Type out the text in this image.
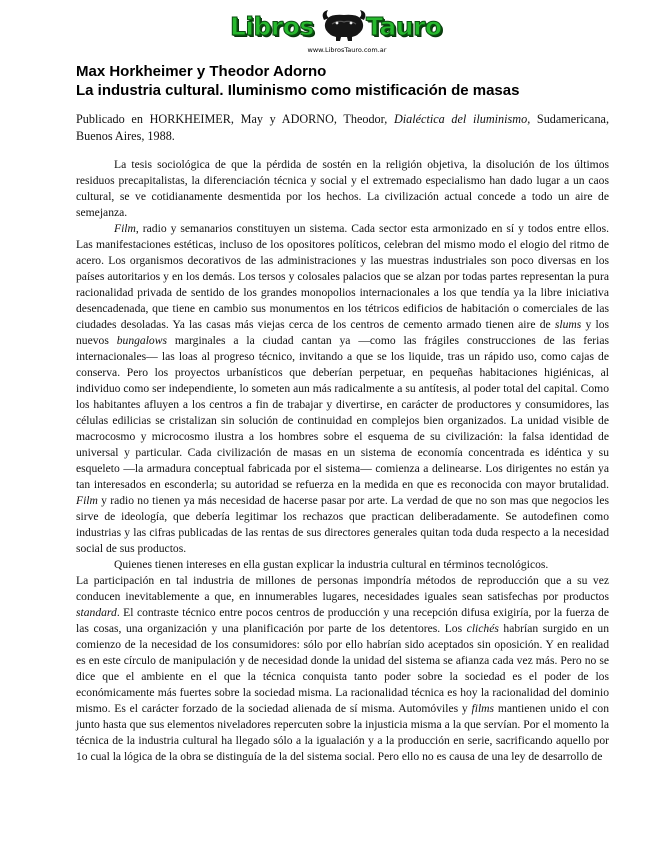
Libros Tauro
www.LibrosTauro.com.ar
Max Horkheimer y Theodor Adorno
La industria cultural. Iluminismo como mistificación de masas
Publicado en HORKHEIMER, May y ADORNO, Theodor, Dialéctica del iluminismo, Sudamericana, Buenos Aires, 1988.

La tesis sociológica de que la pérdida de sostén en la religión objetiva, la disolución de los últimos residuos precapitalistas, la diferenciación técnica y social y el extremado especialismo han dado lugar a un caos cultural, se ve cotidianamente desmentida por los hechos. La civilización actual concede a todo un aire de semejanza.

Film, radio y semanarios constituyen un sistema. Cada sector esta armonizado en sí y todos entre ellos. Las manifestaciones estéticas, incluso de los opositores políticos, celebran del mismo modo el elogio del ritmo de acero. Los organismos decorativos de las administraciones y las muestras industriales son poco diversas en los países autoritarios y en los demás. Los tersos y colosales palacios que se alzan por todas partes representan la pura racionalidad privada de sentido de los grandes monopolios internacionales a los que tendía ya la libre iniciativa desencadenada, que tiene en cambio sus monumentos en los tétricos edificios de habitación o comerciales de las ciudades desoladas. Ya las casas más viejas cerca de los centros de cemento armado tienen aire de slums y los nuevos bungalows marginales a la ciudad cantan ya —como las frágiles construcciones de las ferias internacionales— las loas al progreso técnico, invitando a que se los liquide, tras un rápido uso, como cajas de conserva. Pero los proyectos urbanísticos que deberían perpetuar, en pequeñas habitaciones higiénicas, al individuo como ser independiente, lo someten aun más radicalmente a su antítesis, al poder total del capital. Como los habitantes afluyen a los centros a fin de trabajar y divertirse, en carácter de productores y consumidores, las células edilicias se cristalizan sin solución de continuidad en complejos bien organizados. La unidad visible de macrocosmo y microcosmo ilustra a los hombres sobre el esquema de su civilización: la falsa identidad de universal y particular. Cada civilización de masas en un sistema de economía concentrada es idéntica y su esqueleto —la armadura conceptual fabricada por el sistema— comienza a delinearse. Los dirigentes no están ya tan interesados en esconderla; su autoridad se refuerza en la medida en que es reconocida con mayor brutalidad. Film y radio no tienen ya más necesidad de hacerse pasar por arte. La verdad de que no son mas que negocios les sirve de ideología, que debería legitimar los rechazos que practican deliberadamente. Se autodefinen como industrias y las cifras publicadas de las rentas de sus directores generales quitan toda duda respecto a la necesidad social de sus productos.

Quienes tienen intereses en ella gustan explicar la industria cultural en términos tecnológicos.

La participación en tal industria de millones de personas impondría métodos de reproducción que a su vez conducen inevitablemente a que, en innumerables lugares, necesidades iguales sean satisfechas por productos standard. El contraste técnico entre pocos centros de producción y una recepción difusa exigiría, por la fuerza de las cosas, una organización y una planificación por parte de los detentores. Los clichés habrían surgido en un comienzo de la necesidad de los consumidores: sólo por ello habrían sido aceptados sin oposición. Y en realidad es en este círculo de manipulación y de necesidad donde la unidad del sistema se afianza cada vez más. Pero no se dice que el ambiente en el que la técnica conquista tanto poder sobre la sociedad es el poder de los económicamente más fuertes sobre la sociedad misma. La racionalidad técnica es hoy la racionalidad del dominio mismo. Es el carácter forzado de la sociedad alienada de sí misma. Automóviles y films mantienen unido el con junto hasta que sus elementos niveladores repercuten sobre la injusticia misma a la que servían. Por el momento la técnica de la industria cultural ha llegado sólo a la igualación y a la producción en serie, sacrificando aquello por 1o cual la lógica de la obra se distinguía de la del sistema social. Pero ello no es causa de una ley de desarrollo de
